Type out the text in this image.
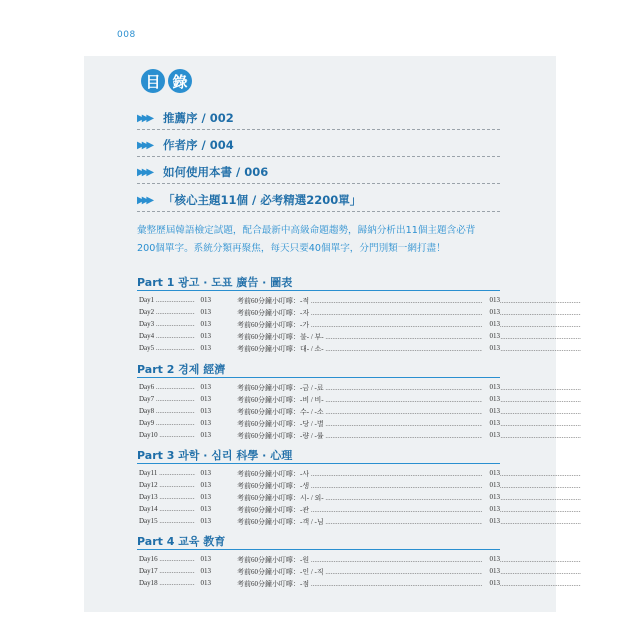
008
目 錄
▶▶▶	推薦序 / 002
▶▶▶	作者序 / 004
▶▶▶	如何使用本書 / 006
▶▶▶	「核心主題11個 / 必考精選2200單」
彙整歷屆韓語檢定試題，配合最新中高級命題趨勢，歸納分析出11個主題含必背
200個單字。系統分類再聚焦，每天只要40個單字，分門別類一網打盡！
Part 1 광고 · 도표 廣告 · 圖表
Day1 .....	013	考前60分鐘小叮嚀：-적 .....	013
Day2 .....	013	考前60分鐘小叮嚀：-자 .....	013
Day3 .....	013	考前60分鐘小叮嚀：-가 .....	013
Day4 .....	013	考前60分鐘小叮嚀：불- / 부- .....	013
Day5 .....	013	考前60分鐘小叮嚀：대- / 소- .....	013
Part 2 경제 經濟
Day6 .....	013	考前60分鐘小叮嚀：-금 / -료 .....	013
Day7 .....	013	考前60分鐘小叮嚀：-비 / 비- .....	013
Day8 .....	013	考前60分鐘小叮嚀：수- / -소 .....	013
Day9 .....	013	考前60分鐘小叮嚀：-당 / -별 .....	013
Day10 .....	013	考前60分鐘小叮嚀：-량 / -률 .....	013
Part 3 과학 · 심리 科學 · 心理
Day11 .....	013	考前60分鐘小叮嚀：-사 .....	013
Day12 .....	013	考前60分鐘小叮嚀：-생 .....	013
Day13 .....	013	考前60分鐘小叮嚀：시- / 외- .....	013
Day14 .....	013	考前60分鐘小叮嚀：-관 .....	013
Day15 .....	013	考前60分鐘小叮嚀：-객 / -님 .....	013
Part 4 교육 教育
Day16 .....	013	考前60分鐘小叮嚀：-원 .....	013
Day17 .....	013	考前60分鐘小叮嚀：-인 / -직 .....	013
Day18 .....	013	考前60分鐘小叮嚀：-점 .....	013
